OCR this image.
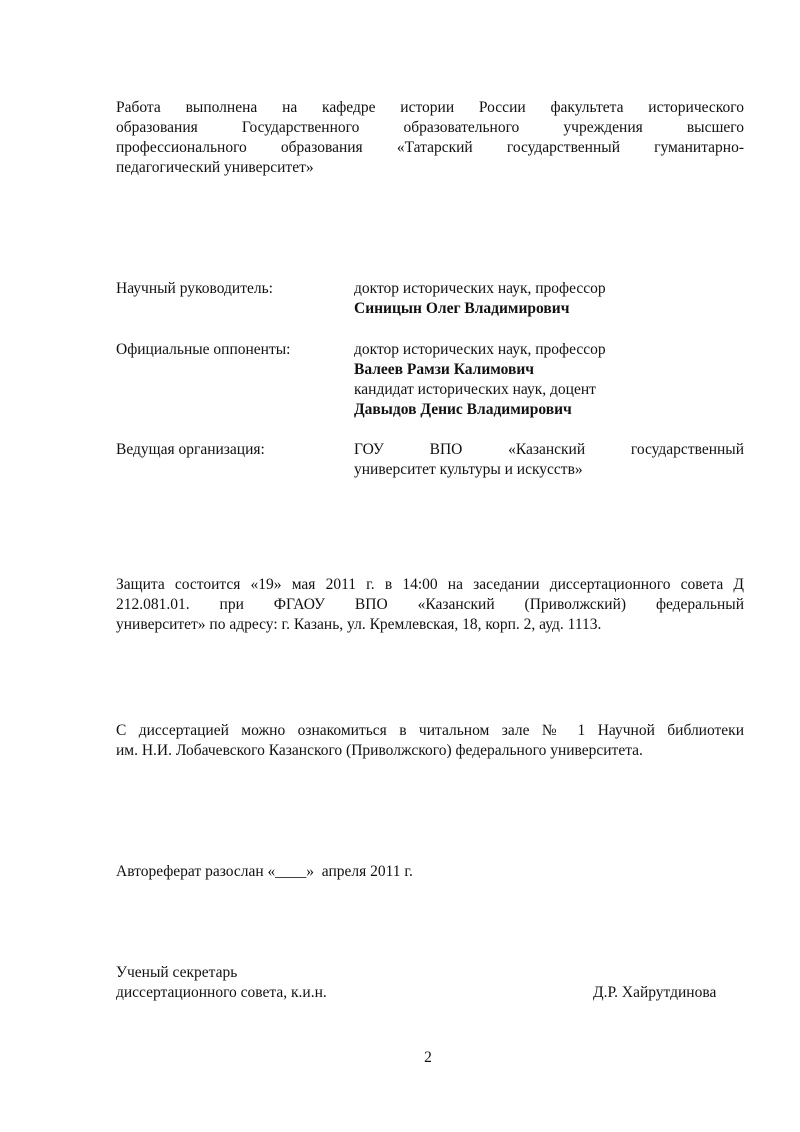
Работа выполнена на кафедре истории России факультета исторического
образования Государственного образовательного учреждения высшего
профессионального образования «Татарский государственный гуманитарно-
педагогический университет»
Научный руководитель:	доктор исторических наук, профессор
Синицын Олег Владимирович
Официальные оппоненты:	доктор исторических наук, профессор
Валеев Рамзи Калимович
кандидат исторических наук, доцент
Давыдов Денис Владимирович
Ведущая организация:	ГОУ ВПО «Казанский государственный
университет культуры и искусств»
Защита состоится «19» мая 2011 г. в 14:00 на заседании диссертационного совета Д
212.081.01. при ФГАОУ ВПО «Казанский (Приволжский) федеральный
университет» по адресу: г. Казань, ул. Кремлевская, 18, корп. 2, ауд. 1113.
С диссертацией можно ознакомиться в читальном зале № 1 Научной библиотеки
им. Н.И. Лобачевского Казанского (Приволжского) федерального университета.
Автореферат разослан «____»  апреля 2011 г.
Ученый секретарь
диссертационного совета, к.и.н.	Д.Р. Хайрутдинова
2
